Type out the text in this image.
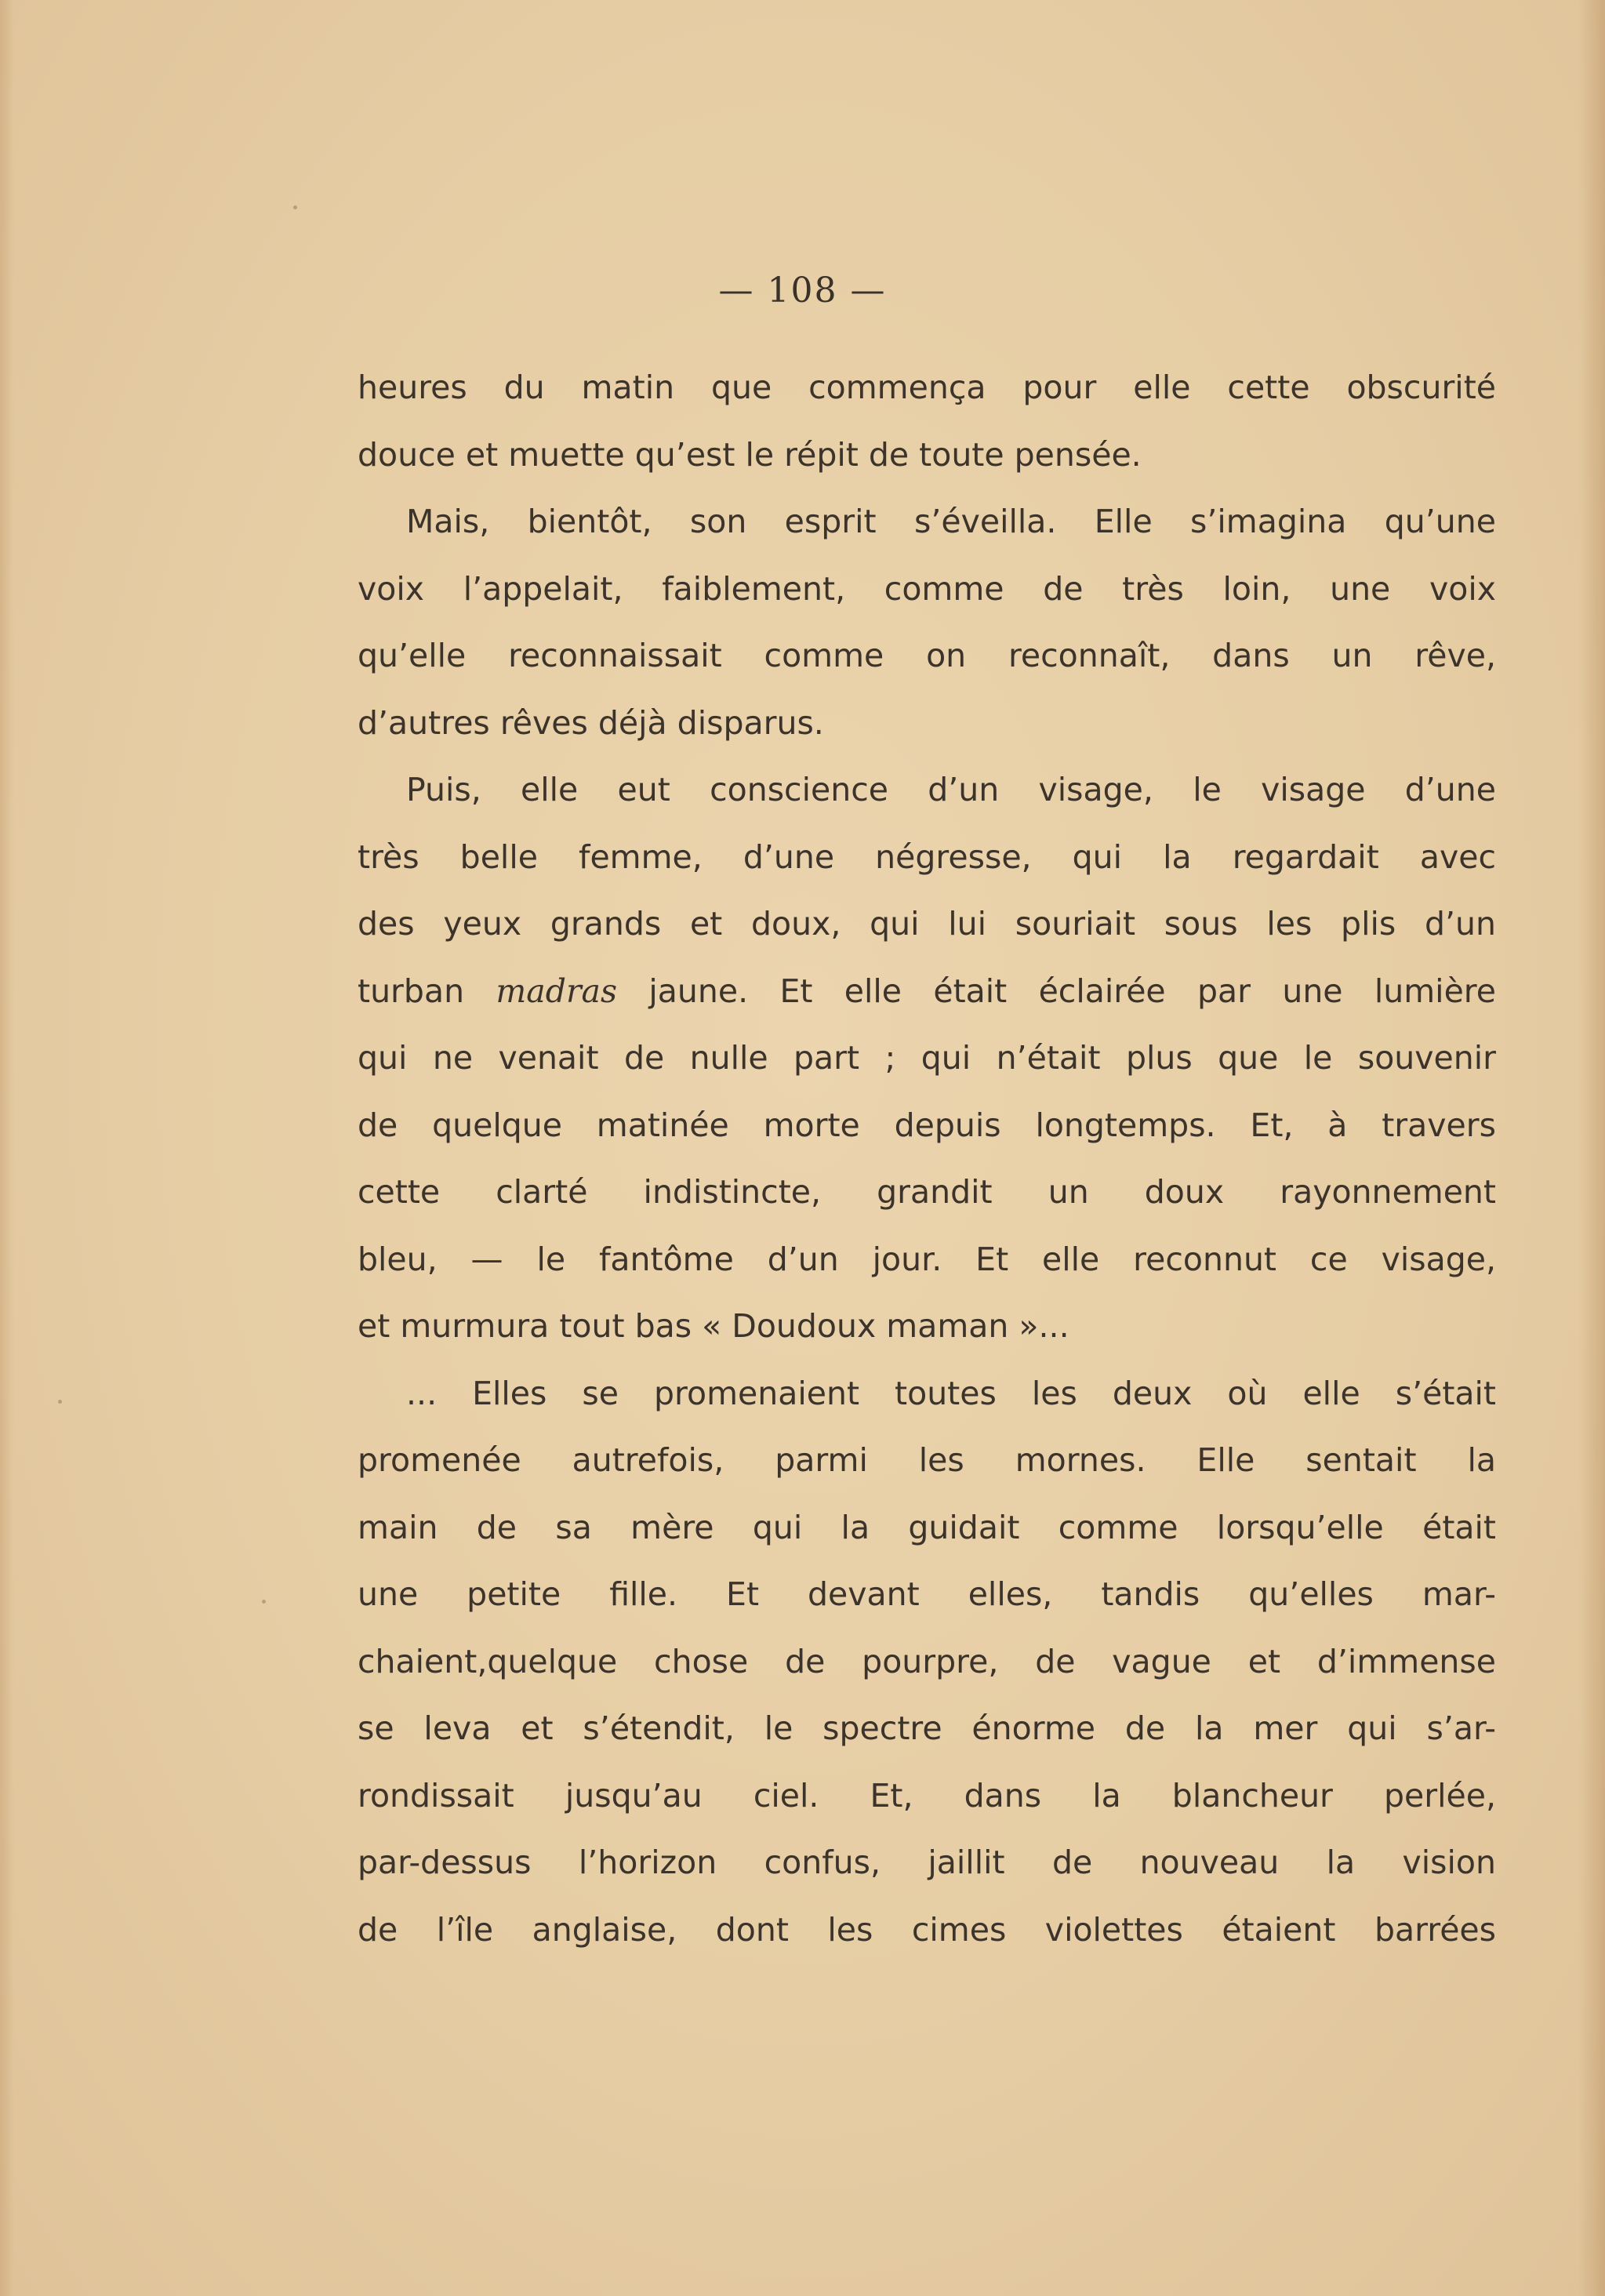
— 108 —
heures du matin que commença pour elle cette obscurité
douce et muette qu’est le répit de toute pensée.
Mais, bientôt, son esprit s’éveilla. Elle s’imagina qu’une
voix l’appelait, faiblement, comme de très loin, une voix
qu’elle reconnaissait comme on reconnaît, dans un rêve,
d’autres rêves déjà disparus.
Puis, elle eut conscience d’un visage, le visage d’une
très belle femme, d’une négresse, qui la regardait avec
des yeux grands et doux, qui lui souriait sous les plis d’un
turban madras jaune. Et elle était éclairée par une lumière
qui ne venait de nulle part ; qui n’était plus que le souvenir
de quelque matinée morte depuis longtemps. Et, à travers
cette clarté indistincte, grandit un doux rayonnement
bleu, — le fantôme d’un jour. Et elle reconnut ce visage,
et murmura tout bas « Doudoux maman »...
... Elles se promenaient toutes les deux où elle s’était
promenée autrefois, parmi les mornes. Elle sentait la
main de sa mère qui la guidait comme lorsqu’elle était
une petite fille. Et devant elles, tandis qu’elles mar-
chaient,quelque chose de pourpre, de vague et d’immense
se leva et s’étendit, le spectre énorme de la mer qui s’ar-
rondissait jusqu’au ciel. Et, dans la blancheur perlée,
par-dessus l’horizon confus, jaillit de nouveau la vision
de l’île anglaise, dont les cimes violettes étaient barrées
